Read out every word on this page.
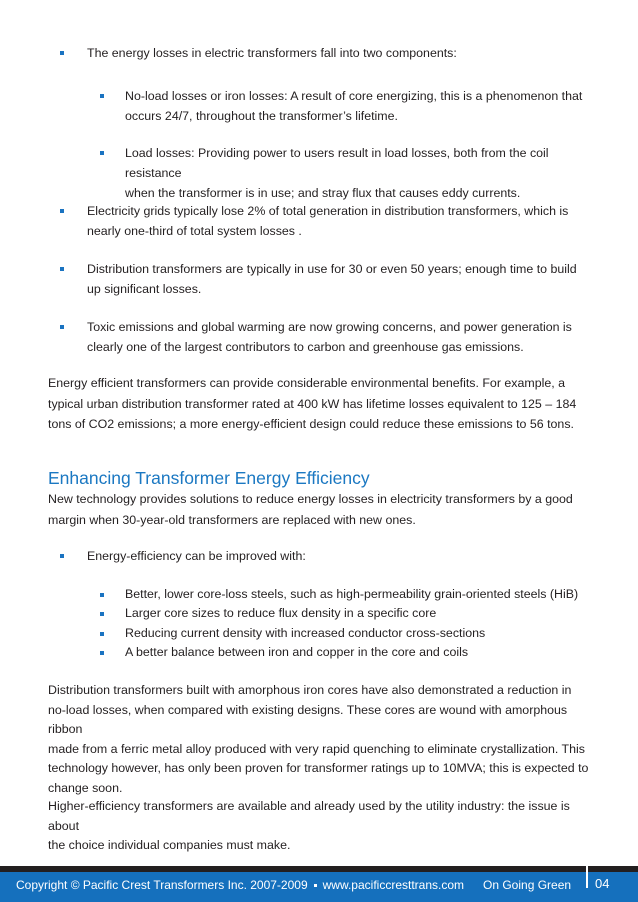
The energy losses in electric transformers fall into two components:
No-load losses or iron losses: A result of core energizing, this is a phenomenon that
occurs 24/7, throughout the transformer’s lifetime.
Load losses: Providing power to users result in load losses, both from the coil resistance
when the transformer is in use; and stray flux that causes eddy currents.
Electricity grids typically lose 2% of total generation in distribution transformers, which is
nearly one-third of total system losses .
Distribution transformers are typically in use for 30 or even 50 years; enough time to build
up significant losses.
Toxic emissions and global warming are now growing concerns, and power generation is
clearly one of the largest contributors to carbon and greenhouse gas emissions.
Energy efficient transformers can provide considerable environmental benefits. For example, a
typical urban distribution transformer rated at 400 kW has lifetime losses equivalent to 125 – 184
tons of CO2 emissions; a more energy-efficient design could reduce these emissions to 56 tons.
Enhancing Transformer Energy Efficiency
New technology provides solutions to reduce energy losses in electricity transformers by a good
margin when 30-year-old transformers are replaced with new ones.
Energy-efficiency can be improved with:
Better, lower core-loss steels, such as high-permeability grain-oriented steels (HiB)
Larger core sizes to reduce flux density in a specific core
Reducing current density with increased conductor cross-sections
A better balance between iron and copper in the core and coils
Distribution transformers built with amorphous iron cores have also demonstrated a reduction in
no-load losses, when compared with existing designs. These cores are wound with amorphous ribbon
made from a ferric metal alloy produced with very rapid quenching to eliminate crystallization. This
technology however, has only been proven for transformer ratings up to 10MVA; this is expected to
change soon.
Higher-efficiency transformers are available and already used by the utility industry: the issue is about
the choice individual companies must make.
Copyright © Pacific Crest Transformers Inc. 2007-2009 www.pacificcresttrans.com On Going Green 04
